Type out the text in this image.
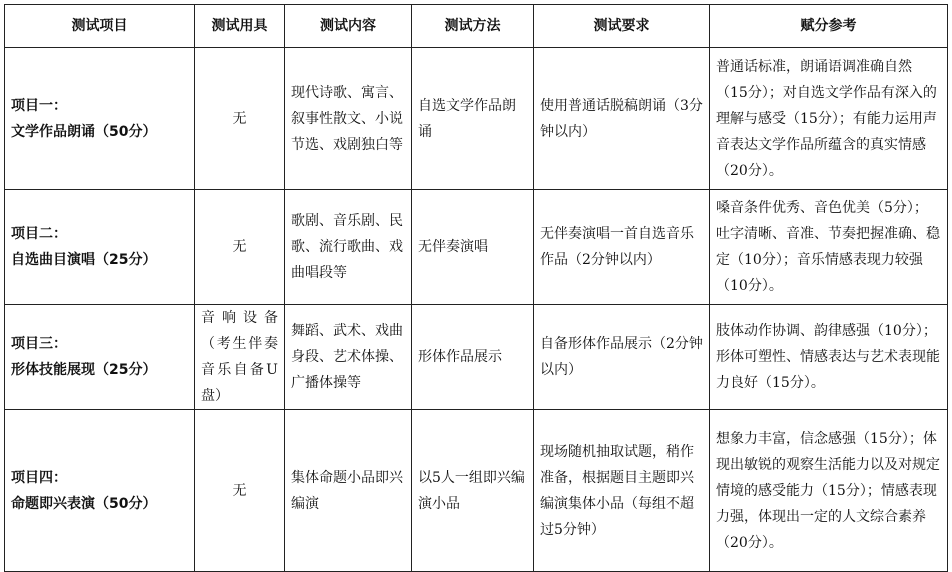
测试项目	测试用具	测试内容	测试方法	测试要求	赋分参考

项目一：
文学作品朗诵（50分）	无	现代诗歌、寓言、叙事性散文、小说节选、戏剧独白等	自选文学作品朗诵	使用普通话脱稿朗诵（3分钟以内）	普通话标准，朗诵语调准确自然（15分）；对自选文学作品有深入的理解与感受（15分）；有能力运用声音表达文学作品所蕴含的真实情感（20分）。

项目二：
自选曲目演唱（25分）	无	歌剧、音乐剧、民歌、流行歌曲、戏曲唱段等	无伴奏演唱	无伴奏演唱一首自选音乐作品（2分钟以内）	嗓音条件优秀、音色优美（5分）；吐字清晰、音准、节奏把握准确、稳定（10分）；音乐情感表现力较强（10分）。

项目三：
形体技能展现（25分）	音响设备（考生伴奏音乐自备U盘）	舞蹈、武术、戏曲身段、艺术体操、广播体操等	形体作品展示	自备形体作品展示（2分钟以内）	肢体动作协调、韵律感强（10分）；形体可塑性、情感表达与艺术表现能力良好（15分）。

项目四：
命题即兴表演（50分）	无	集体命题小品即兴编演	以5人一组即兴编演小品	现场随机抽取试题，稍作准备，根据题目主题即兴编演集体小品（每组不超过5分钟）	想象力丰富，信念感强（15分）；体现出敏锐的观察生活能力以及对规定情境的感受能力（15分）；情感表现力强，体现出一定的人文综合素养（20分）。
